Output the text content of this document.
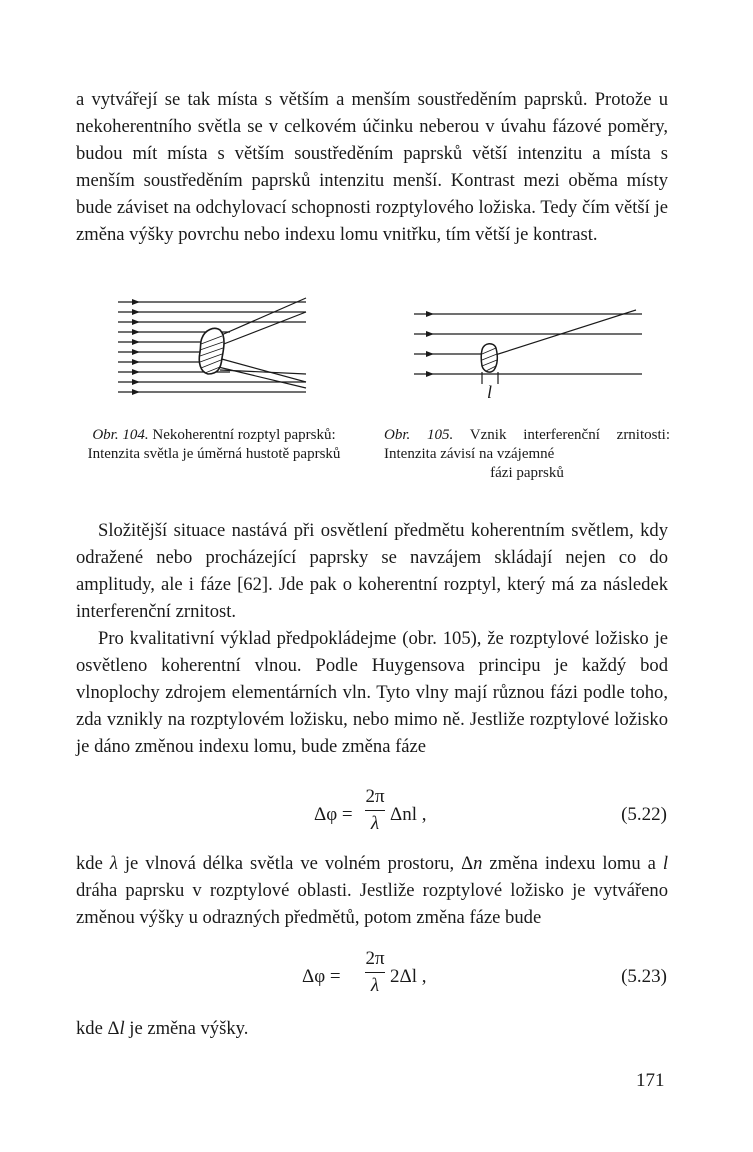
a vytvářejí se tak místa s větším a menším soustředěním paprsků. Protože u nekoherentního světla se v celkovém účinku neberou v úvahu fázové poměry, budou mít místa s větším soustředěním paprsků větší intenzitu a místa s menším soustředěním paprsků intenzitu menší. Kontrast mezi oběma místy bude záviset na odchylovací schopnosti rozptylového ložiska. Tedy čím větší je změna výšky povrchu nebo indexu lomu vnitřku, tím větší je kontrast.

l

Obr. 104. Nekoherentní rozptyl paprsků: Intenzita světla je úměrná hustotě paprsků

Obr. 105. Vznik interferenční zrnitosti: Intenzita závisí na vzájemné
fázi paprsků

Složitější situace nastává při osvětlení předmětu koherentním světlem, kdy odražené nebo procházející paprsky se navzájem skládají nejen co do amplitudy, ale i fáze [62]. Jde pak o koherentní rozptyl, který má za následek interferenční zrnitost.

Pro kvalitativní výklad předpokládejme (obr. 105), že rozptylové ložisko je osvětleno koherentní vlnou. Podle Huygensova principu je každý bod vlnoplochy zdrojem elementárních vln. Tyto vlny mají různou fázi podle toho, zda vznikly na rozptylovém ložisku, nebo mimo ně. Jestliže rozptylové ložisko je dáno změnou indexu lomu, bude změna fáze

Δφ =
2π
λ Δnl ,	(5.22)

kde λ je vlnová délka světla ve volném prostoru, Δn změna indexu lomu a l dráha paprsku v rozptylové oblasti. Jestliže rozptylové ložisko je vytvářeno změnou výšky u odrazných předmětů, potom změna fáze bude

Δφ =
2π
λ 2Δl ,	(5.23)

kde Δl je změna výšky.

171
